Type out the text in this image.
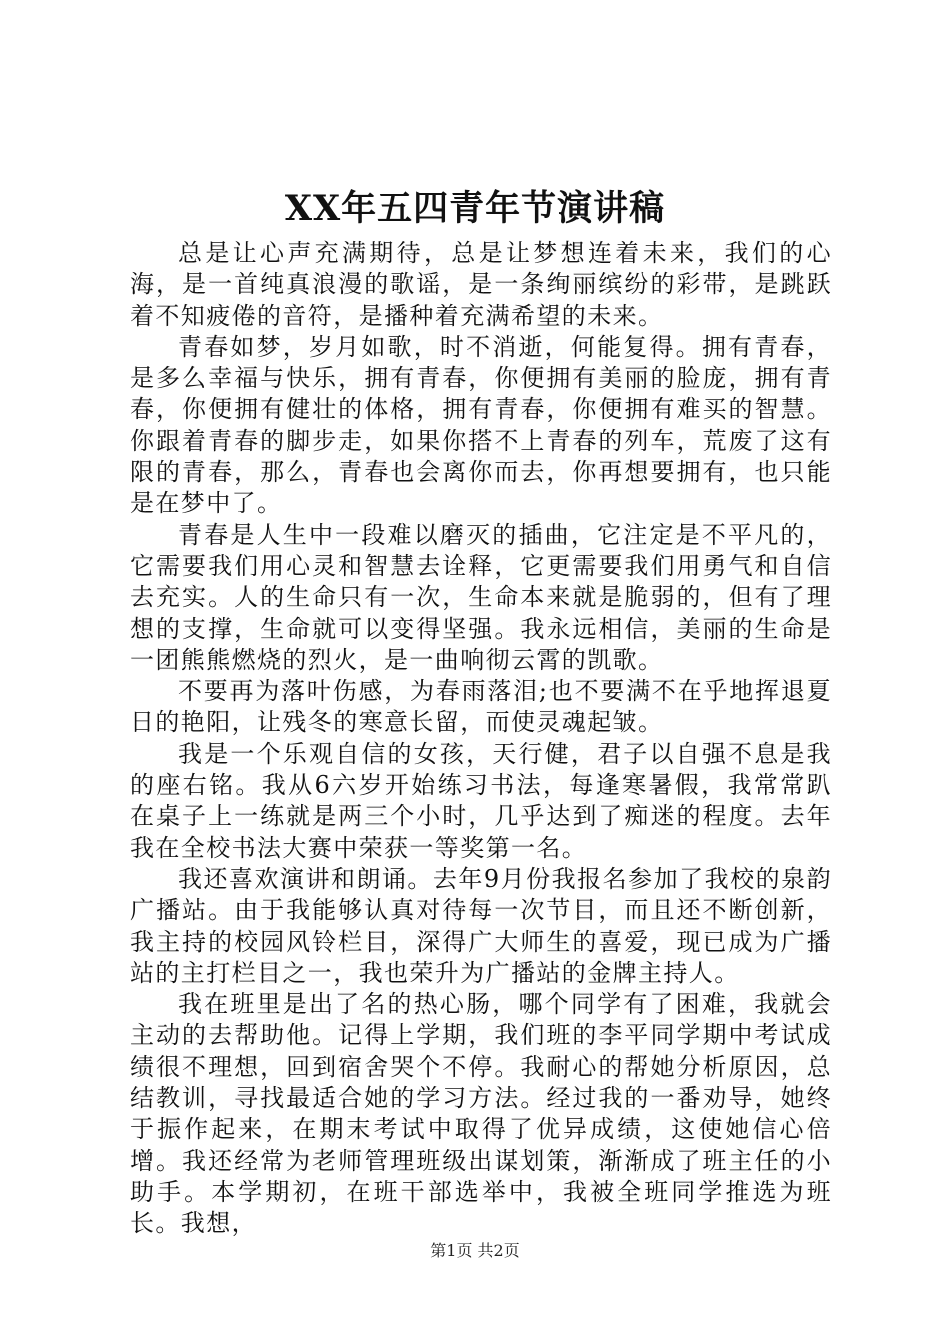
XX年五四青年节演讲稿

总是让心声充满期待，总是让梦想连着未来，我们的心海，是一首纯真浪漫的歌谣，是一条绚丽缤纷的彩带，是跳跃着不知疲倦的音符，是播种着充满希望的未来。

青春如梦，岁月如歌，时不消逝，何能复得。拥有青春，是多么幸福与快乐，拥有青春，你便拥有美丽的脸庞，拥有青春，你便拥有健壮的体格，拥有青春，你便拥有难买的智慧。你跟着青春的脚步走，如果你搭不上青春的列车，荒废了这有限的青春，那么，青春也会离你而去，你再想要拥有，也只能是在梦中了。

青春是人生中一段难以磨灭的插曲，它注定是不平凡的，它需要我们用心灵和智慧去诠释，它更需要我们用勇气和自信去充实。人的生命只有一次，生命本来就是脆弱的，但有了理想的支撑，生命就可以变得坚强。我永远相信，美丽的生命是一团熊熊燃烧的烈火，是一曲响彻云霄的凯歌。

不要再为落叶伤感，为春雨落泪;也不要满不在乎地挥退夏日的艳阳，让残冬的寒意长留，而使灵魂起皱。

我是一个乐观自信的女孩，天行健，君子以自强不息是我的座右铭。我从6六岁开始练习书法，每逢寒暑假，我常常趴在桌子上一练就是两三个小时，几乎达到了痴迷的程度。去年我在全校书法大赛中荣获一等奖第一名。

我还喜欢演讲和朗诵。去年9月份我报名参加了我校的泉韵广播站。由于我能够认真对待每一次节目，而且还不断创新，我主持的校园风铃栏目，深得广大师生的喜爱，现已成为广播站的主打栏目之一，我也荣升为广播站的金牌主持人。

我在班里是出了名的热心肠，哪个同学有了困难，我就会主动的去帮助他。记得上学期，我们班的李平同学期中考试成绩很不理想，回到宿舍哭个不停。我耐心的帮她分析原因，总结教训，寻找最适合她的学习方法。经过我的一番劝导，她终于振作起来，在期末考试中取得了优异成绩，这使她信心倍增。我还经常为老师管理班级出谋划策，渐渐成了班主任的小助手。本学期初，在班干部选举中，我被全班同学推选为班长。我想，

第1页 共2页
